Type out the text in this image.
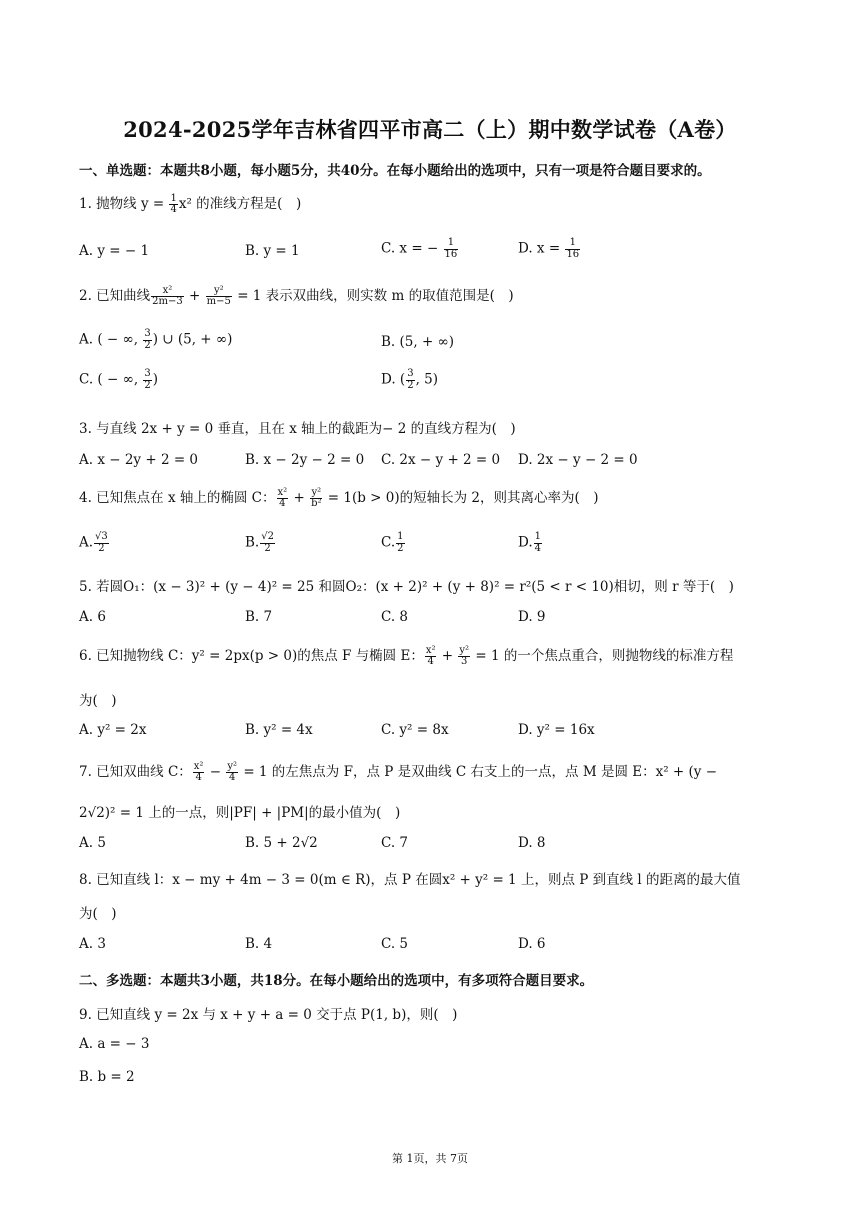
2024-2025学年吉林省四平市高二（上）期中数学试卷（A卷）
一、单选题：本题共8小题，每小题5分，共40分。在每小题给出的选项中，只有一项是符合题目要求的。
1. 抛物线 $y = \frac{1}{4} x^2$ 的准线方程是(　)
A. y = − 1	B. y = 1	C. x = − $\frac{1}{16}$	D. $x = \frac{1}{16}$
2. 已知曲线 $\frac{\text{x²}}{2m-3} + \frac{\text{y²}}{m-5} = 1$ 表示双曲线，则实数 m 的取值范围是(　)
A. ( − ∞, $\frac{3}{2}$ ) ∪ (5, + ∞)	B. (5, + ∞)
C. ( − ∞, $\frac{3}{2}$ )	D. ( $\frac{3}{2}$ , 5)
3. 与直线 2x + y = 0 垂直，且在 x 轴上的截距为− 2 的直线方程为(　)
A. x − 2y + 2 = 0	B. x − 2y − 2 = 0 C. 2x − y + 2 = 0 D. 2x − y − 2 = 0
4. 已知焦点在 x 轴上的椭圆 C： $\frac{\text{x²}}{4} + \frac{\text{y²}}{\text{b²}} = 1(b > 0)$的短轴长为 2，则其离心率为(　)
A. $\frac{√3}{2}$	B. $\frac{√2}{2}$	C. $\frac{1}{2}$	D. $\frac{1}{4}$
5. 若圆O₁：(x − 3)² + (y − 4)² = 25 和圆O₂：(x + 2)² + (y + 8)² = r²(5 < r < 10)相切，则 r 等于(　)
A. 6	B. 7	C. 8	D. 9
6. 已知抛物线 C：y² = 2px(p > 0)的焦点 F 与椭圆 E： $\frac{\text{x²}}{4} + \frac{\text{y²}}{3} = 1$ 的一个焦点重合，则抛物线的标准方程
为(　)
A. y² = 2x	B. y² = 4x	C. y² = 8x	D. y² = 16x
7. 已知双曲线 C： $\frac{\text{x²}}{4} - \frac{\text{y²}}{4} = 1$ 的左焦点为 F，点 P 是双曲线 C 右支上的一点，点 M 是圆 E：x² + (y −
2√2)² = 1 上的一点，则|PF| + |PM|的最小值为(　)
A. 5	B. 5 + 2√2	C. 7	D. 8
8. 已知直线 l：x − my + 4m − 3 = 0(m ∈ R)，点 P 在圆x² + y² = 1 上，则点 P 到直线 l 的距离的最大值
为(　)
A. 3	B. 4	C. 5	D. 6
二、多选题：本题共3小题，共18分。在每小题给出的选项中，有多项符合题目要求。
9. 已知直线 y = 2x 与 x + y + a = 0 交于点 P(1, b)，则(　)
A. a = − 3
B. b = 2
第 1页，共 7页
